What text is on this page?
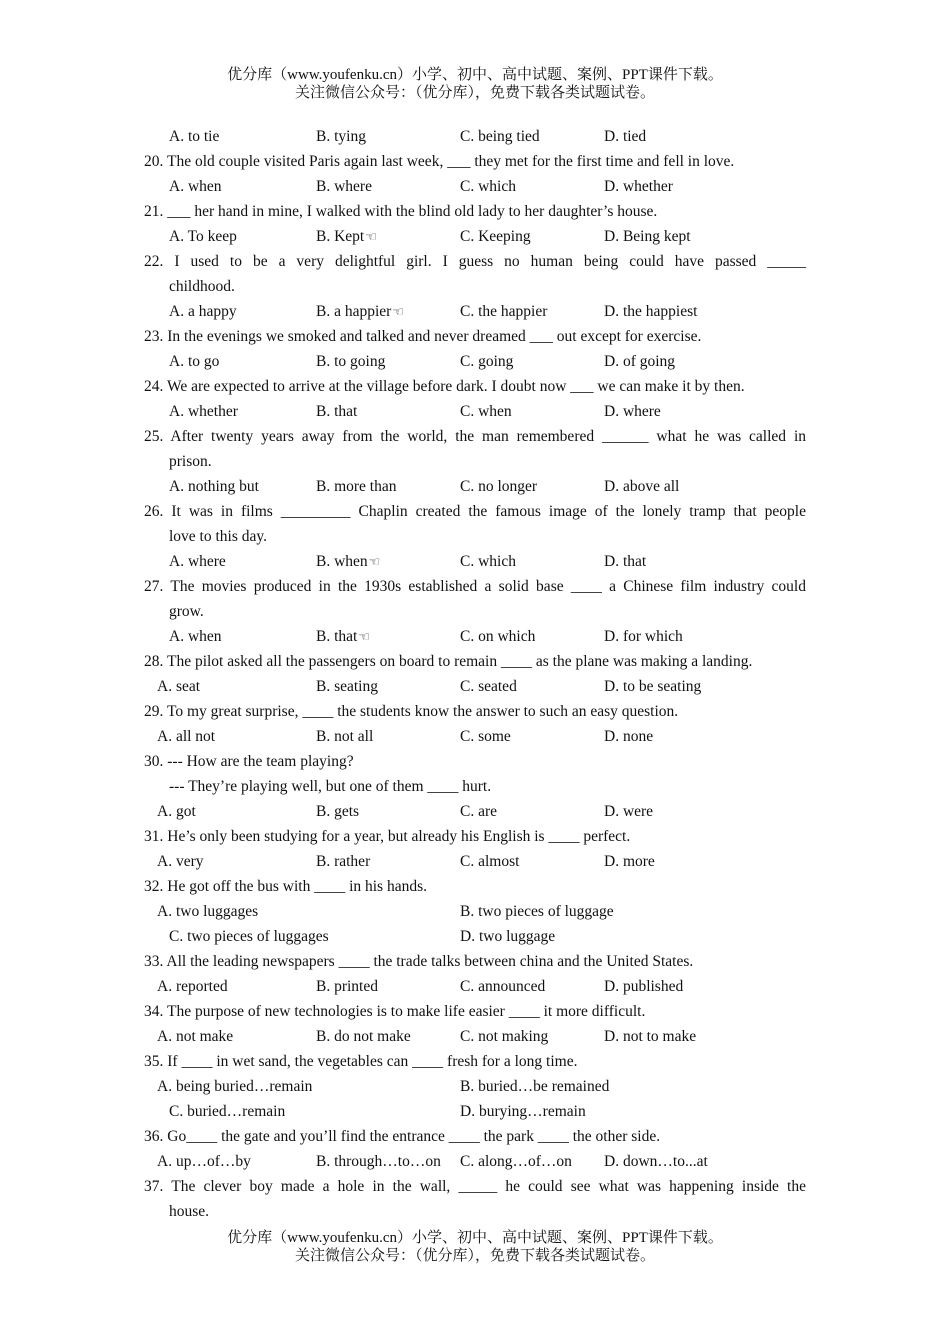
优分库（www.youfenku.cn）小学、初中、高中试题、案例、PPT课件下载。
关注微信公众号：（优分库），免费下载各类试题试卷。
A. to tie	B. tying	C. being tied	D. tied
20. The old couple visited Paris again last week, ___ they met for the first time and fell in love.
A. when	B. where	C. which	D. whether
21. ___ her hand in mine, I walked with the blind old lady to her daughter’s house.
A. To keep	B. Kept☜	C. Keeping	D. Being kept
22. I used to be a very delightful girl. I guess no human being could have passed _____
childhood.
A. a happy	B. a happier☜	C. the happier	D. the happiest
23. In the evenings we smoked and talked and never dreamed ___ out except for exercise.
A. to go	B. to going	C. going	D. of going
24. We are expected to arrive at the village before dark. I doubt now ___ we can make it by then.
A. whether	B. that	C. when	D. where
25. After twenty years away from the world, the man remembered ______ what he was called in
prison.
A. nothing but	B. more than	C. no longer	D. above all
26. It was in films _________ Chaplin created the famous image of the lonely tramp that people
love to this day.
A. where	B. when☜	C. which	D. that
27. The movies produced in the 1930s established a solid base ____ a Chinese film industry could
grow.
A. when	B. that☜	C. on which	D. for which
28. The pilot asked all the passengers on board to remain ____ as the plane was making a landing.
A. seat	B. seating	C. seated	D. to be seating
29. To my great surprise, ____ the students know the answer to such an easy question.
A. all not	B. not all	C. some	D. none
30. --- How are the team playing?
--- They’re playing well, but one of them ____ hurt.
A. got	B. gets	C. are	D. were
31. He’s only been studying for a year, but already his English is ____ perfect.
A. very	B. rather	C. almost	D. more
32. He got off the bus with ____ in his hands.
A. two luggages	B. two pieces of luggage
C. two pieces of luggages	D. two luggage
33. All the leading newspapers ____ the trade talks between china and the United States.
A. reported	B. printed	C. announced	D. published
34. The purpose of new technologies is to make life easier ____ it more difficult.
A. not make	B. do not make	C. not making	D. not to make
35. If ____ in wet sand, the vegetables can ____ fresh for a long time.
A. being buried…remain	B. buried…be remained
C. buried…remain	D. burying…remain
36. Go____ the gate and you’ll find the entrance ____ the park ____ the other side.
A. up…of…by	B. through…to…on C. along…of…on D. down…to...at
37. The clever boy made a hole in the wall, _____ he could see what was happening inside the
house.
优分库（www.youfenku.cn）小学、初中、高中试题、案例、PPT课件下载。
关注微信公众号：（优分库），免费下载各类试题试卷。
